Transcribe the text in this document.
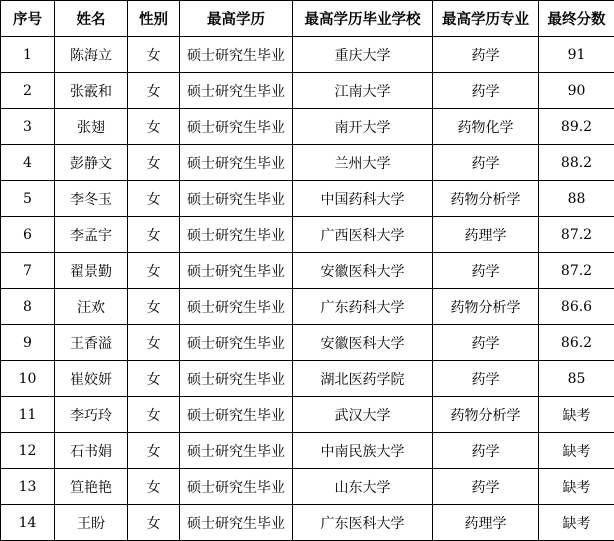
序号	姓名	性别	最高学历	最高学历毕业学校	最高学历专业	最终分数
1	陈海立	女	硕士研究生毕业	重庆大学	药学	91
2	张霰和	女	硕士研究生毕业	江南大学	药学	90
3	张翅	女	硕士研究生毕业	南开大学	药物化学	89.2
4	彭静文	女	硕士研究生毕业	兰州大学	药学	88.2
5	李冬玉	女	硕士研究生毕业	中国药科大学	药物分析学	88
6	李孟宇	女	硕士研究生毕业	广西医科大学	药理学	87.2
7	翟景勤	女	硕士研究生毕业	安徽医科大学	药学	87.2
8	汪欢	女	硕士研究生毕业	广东药科大学	药物分析学	86.6
9	王香溢	女	硕士研究生毕业	安徽医科大学	药学	86.2
10	崔姣妍	女	硕士研究生毕业	湖北医药学院	药学	85
11	李巧玲	女	硕士研究生毕业	武汉大学	药物分析学	缺考
12	石书娟	女	硕士研究生毕业	中南民族大学	药学	缺考
13	笪艳艳	女	硕士研究生毕业	山东大学	药学	缺考
14	王盼	女	硕士研究生毕业	广东医科大学	药理学	缺考
